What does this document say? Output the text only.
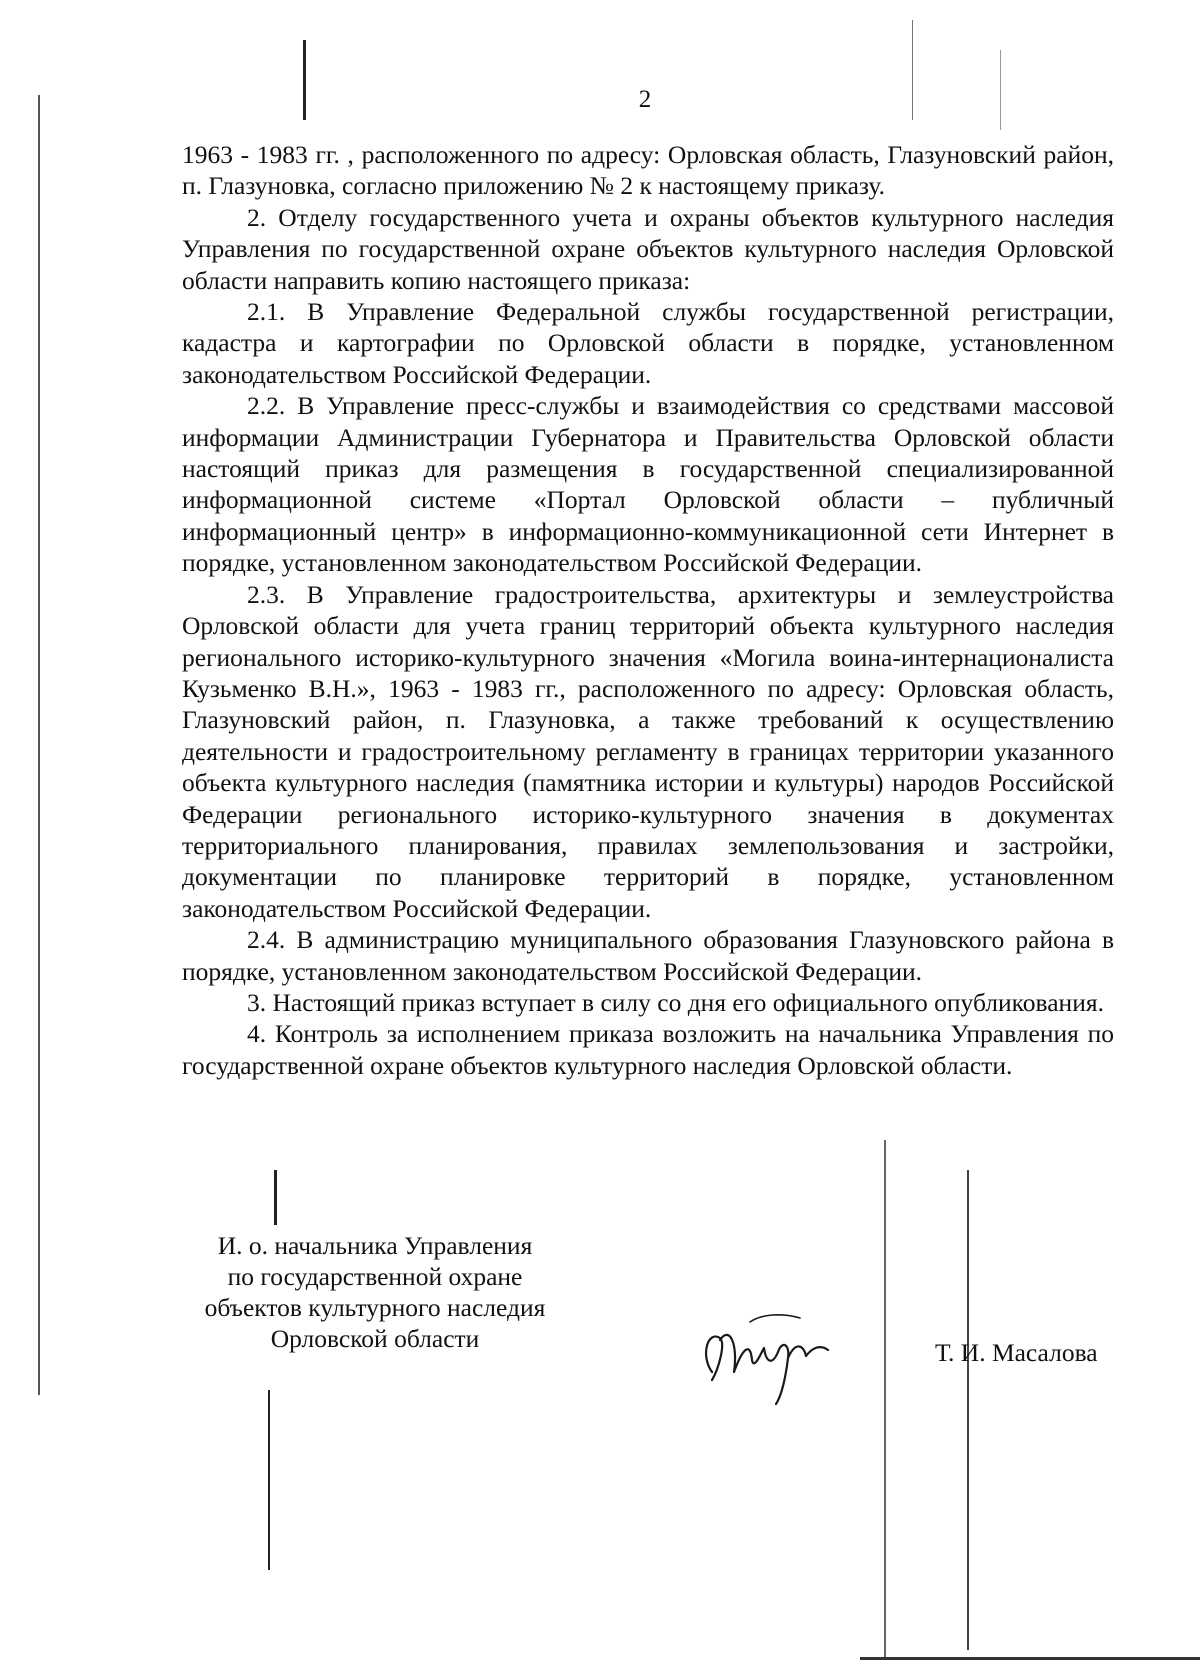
2

1963 - 1983 гг. , расположенного по адресу: Орловская область, Глазуновский район, п. Глазуновка, согласно приложению № 2 к настоящему приказу.

2. Отделу государственного учета и охраны объектов культурного наследия Управления по государственной охране объектов культурного наследия Орловской области направить копию настоящего приказа:

2.1. В Управление Федеральной службы государственной регистрации, кадастра и картографии по Орловской области в порядке, установленном законодательством Российской Федерации.

2.2. В Управление пресс-службы и взаимодействия со средствами массовой информации Администрации Губернатора и Правительства Орловской области настоящий приказ для размещения в государственной специализированной информационной системе «Портал Орловской области – публичный информационный центр» в информационно-коммуникационной сети Интернет в порядке, установленном законодательством Российской Федерации.

2.3. В Управление градостроительства, архитектуры и землеустройства Орловской области для учета границ территорий объекта культурного наследия регионального историко-культурного значения «Могила воина-интернационалиста Кузьменко В.Н.», 1963 - 1983 гг., расположенного по адресу: Орловская область, Глазуновский район, п. Глазуновка, а также требований к осуществлению деятельности и градостроительному регламенту в границах территории указанного объекта культурного наследия (памятника истории и культуры) народов Российской Федерации регионального историко-культурного значения в документах территориального планирования, правилах землепользования и застройки, документации по планировке территорий в порядке, установленном законодательством Российской Федерации.

2.4. В администрацию муниципального образования Глазуновского района в порядке, установленном законодательством Российской Федерации.

3. Настоящий приказ вступает в силу со дня его официального опубликования.

4. Контроль за исполнением приказа возложить на начальника Управления по государственной охране объектов культурного наследия Орловской области.

И. о. начальника Управления
по государственной охране
объектов культурного наследия
Орловской области	Т. И. Масалова
